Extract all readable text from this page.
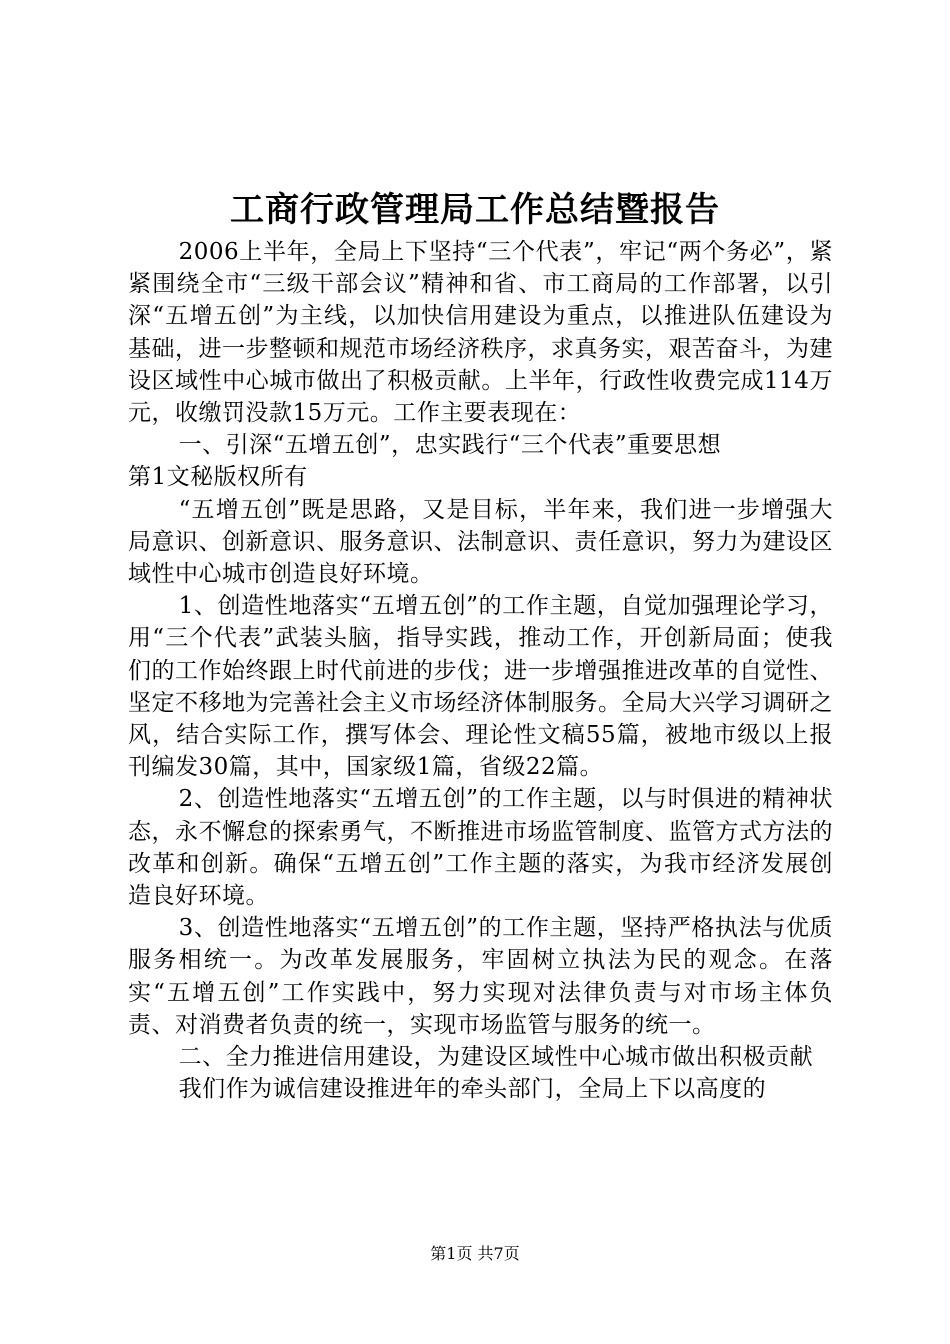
工商行政管理局工作总结暨报告

2006上半年，全局上下坚持“三个代表”，牢记“两个务必”，紧紧围绕全市“三级干部会议”精神和省、市工商局的工作部署，以引深“五增五创”为主线，以加快信用建设为重点，以推进队伍建设为基础，进一步整顿和规范市场经济秩序，求真务实，艰苦奋斗，为建设区域性中心城市做出了积极贡献。上半年，行政性收费完成114万元，收缴罚没款15万元。工作主要表现在：

一、引深“五增五创”，忠实践行“三个代表”重要思想

第1文秘版权所有

“五增五创”既是思路，又是目标，半年来，我们进一步增强大局意识、创新意识、服务意识、法制意识、责任意识，努力为建设区域性中心城市创造良好环境。

1、创造性地落实“五增五创”的工作主题，自觉加强理论学习，用“三个代表”武装头脑，指导实践，推动工作，开创新局面；使我们的工作始终跟上时代前进的步伐；进一步增强推进改革的自觉性、坚定不移地为完善社会主义市场经济体制服务。全局大兴学习调研之风，结合实际工作，撰写体会、理论性文稿55篇，被地市级以上报刊编发30篇，其中，国家级1篇，省级22篇。

2、创造性地落实“五增五创”的工作主题，以与时俱进的精神状态，永不懈怠的探索勇气，不断推进市场监管制度、监管方式方法的改革和创新。确保“五增五创”工作主题的落实，为我市经济发展创造良好环境。

3、创造性地落实“五增五创”的工作主题，坚持严格执法与优质服务相统一。为改革发展服务，牢固树立执法为民的观念。在落实“五增五创”工作实践中，努力实现对法律负责与对市场主体负责、对消费者负责的统一，实现市场监管与服务的统一。

二、全力推进信用建设，为建设区域性中心城市做出积极贡献

我们作为诚信建设推进年的牵头部门，全局上下以高度的

第1页 共7页
